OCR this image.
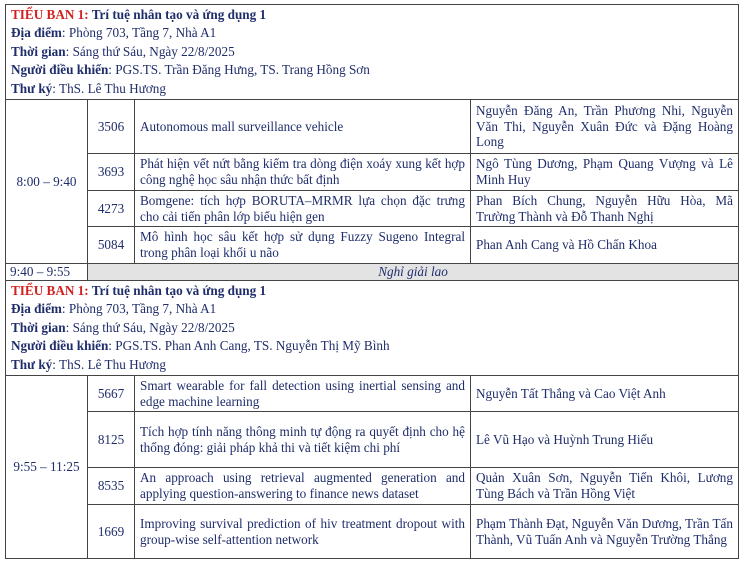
TIỂU BAN 1: Trí tuệ nhân tạo và ứng dụng 1
Địa điểm: Phòng 703, Tầng 7, Nhà A1
Thời gian: Sáng thứ Sáu, Ngày 22/8/2025
Người điều khiển: PGS.TS. Trần Đăng Hưng, TS. Trang Hồng Sơn
Thư ký: ThS. Lê Thu Hương			

8:00 – 9:40	3506	Autonomous mall surveillance vehicle	Nguyễn Đăng An, Trần Phương Nhi, Nguyễn Văn Thi, Nguyễn Xuân Đức và Đặng Hoàng Long
	3693	Phát hiện vết nứt bằng kiểm tra dòng điện xoáy xung kết hợp công nghệ học sâu nhận thức bất định	Ngô Tùng Dương, Phạm Quang Vượng và Lê Minh Huy
	4273	Bomgene: tích hợp BORUTA–MRMR lựa chọn đặc trưng cho cải tiến phân lớp biểu hiện gen	Phan Bích Chung, Nguyễn Hữu Hòa, Mã Trường Thành và Đỗ Thanh Nghị
	5084	Mô hình học sâu kết hợp sử dụng Fuzzy Sugeno Integral trong phân loại khối u não	Phan Anh Cang và Hồ Chấn Khoa
9:40 – 9:55	Nghỉ giải lao		

TIỂU BAN 1: Trí tuệ nhân tạo và ứng dụng 1
Địa điểm: Phòng 703, Tầng 7, Nhà A1
Thời gian: Sáng thứ Sáu, Ngày 22/8/2025
Người điều khiển: PGS.TS. Phan Anh Cang, TS. Nguyễn Thị Mỹ Bình
Thư ký: ThS. Lê Thu Hương			

9:55 – 11:25	5667	Smart wearable for fall detection using inertial sensing and edge machine learning	Nguyễn Tất Thắng và Cao Việt Anh
	8125	Tích hợp tính năng thông minh tự động ra quyết định cho hệ thống đóng: giải pháp khả thi và tiết kiệm chi phí	Lê Vũ Hạo và Huỳnh Trung Hiếu
	8535	An approach using retrieval augmented generation and applying question-answering to finance news dataset	Quản Xuân Sơn, Nguyễn Tiến Khôi, Lương Tùng Bách và Trần Hồng Việt
	1669	Improving survival prediction of hiv treatment dropout with group-wise self-attention network	Phạm Thành Đạt, Nguyễn Văn Dương, Trần Tấn Thành, Vũ Tuấn Anh và Nguyễn Trường Thắng
